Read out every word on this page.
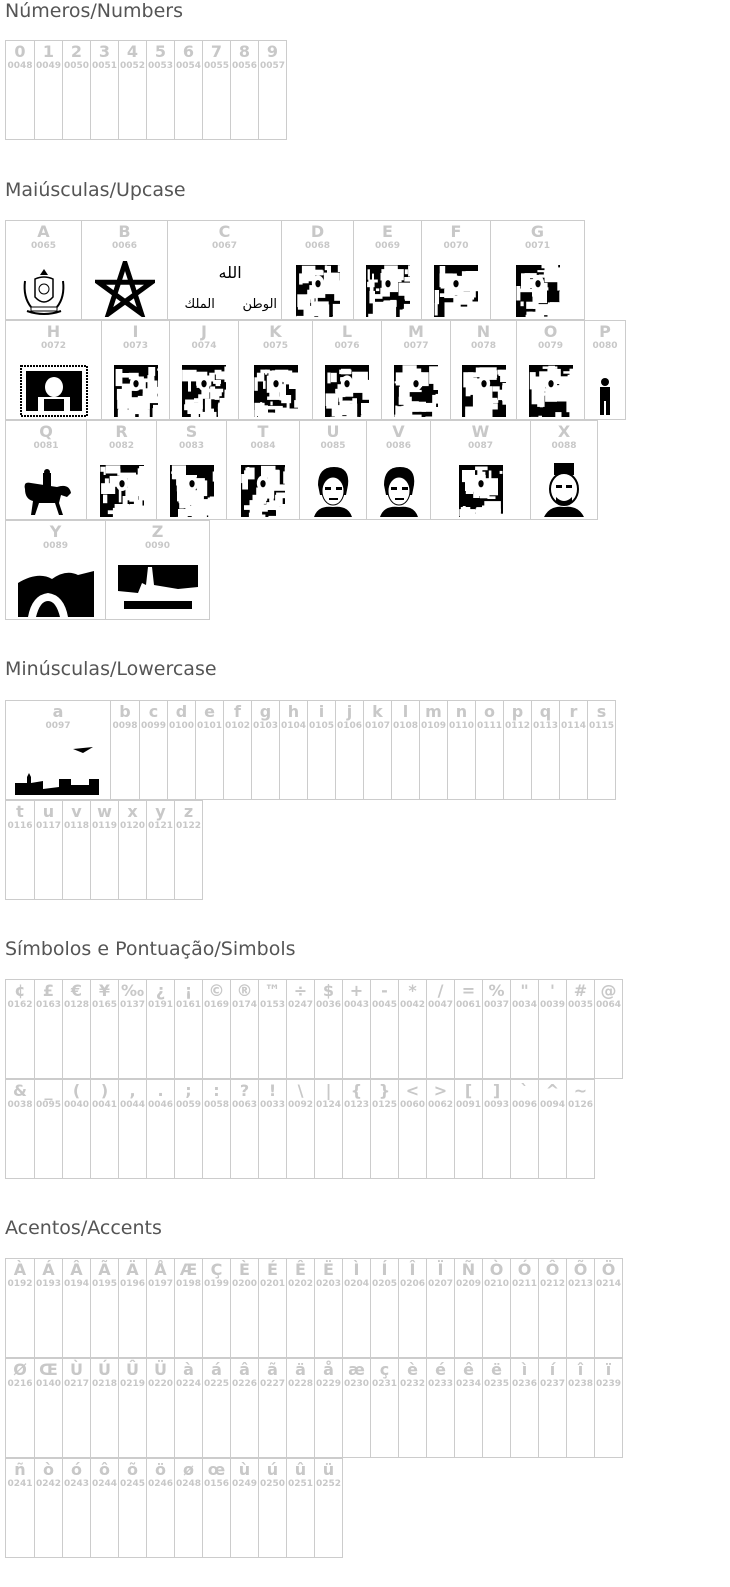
Números/Numbers
0
0048
1
0049
2
0050
3
0051
4
0052
5
0053
6
0054
7
0055
8
0056
9
0057
Maiúsculas/Upcase
A
0065
B
0066
C
0067
الله
الملك الوطن
D
0068
E
0069
F
0070
G
0071
H
0072
I
0073
J
0074
K
0075
L
0076
M
0077
N
0078
O
0079
P
0080
Q
0081
R
0082
S
0083
T
0084
U
0085
V
0086
W
0087
X
0088
Y
0089
Z
0090
Minúsculas/Lowercase
a
0097
b
0098
c
0099
d
0100
e
0101
f
0102
g
0103
h
0104
i
0105
j
0106
k
0107
l
0108
m
0109
n
0110
o
0111
p
0112
q
0113
r
0114
s
0115
t
0116
u
0117
v
0118
w
0119
x
0120
y
0121
z
0122
Símbolos e Pontuação/Simbols
¢
0162
£
0163
€
0128
¥
0165
‰
0137
¿
0191
¡
0161
©
0169
®
0174
™
0153
÷
0247
$
0036
+
0043
-
0045
*
0042
/
0047
=
0061
%
0037
"
0034
'
0039
#
0035
@
0064
&
0038
_
0095
(
0040
)
0041
,
0044
.
0046
;
0059
:
0058
?
0063
!
0033
\
0092
|
0124
{
0123
}
0125
<
0060
>
0062
[
0091
]
0093
`
0096
^
0094
~
0126
Acentos/Accents
À
0192
Á
0193
Â
0194
Ã
0195
Ä
0196
Å
0197
Æ
0198
Ç
0199
È
0200
É
0201
Ê
0202
Ë
0203
Ì
0204
Í
0205
Î
0206
Ï
0207
Ñ
0209
Ò
0210
Ó
0211
Ô
0212
Õ
0213
Ö
0214
Ø
0216
Œ
0140
Ù
0217
Ú
0218
Û
0219
Ü
0220
à
0224
á
0225
â
0226
ã
0227
ä
0228
å
0229
æ
0230
ç
0231
è
0232
é
0233
ê
0234
ë
0235
ì
0236
í
0237
î
0238
ï
0239
ñ
0241
ò
0242
ó
0243
ô
0244
õ
0245
ö
0246
ø
0248
œ
0156
ù
0249
ú
0250
û
0251
ü
0252
